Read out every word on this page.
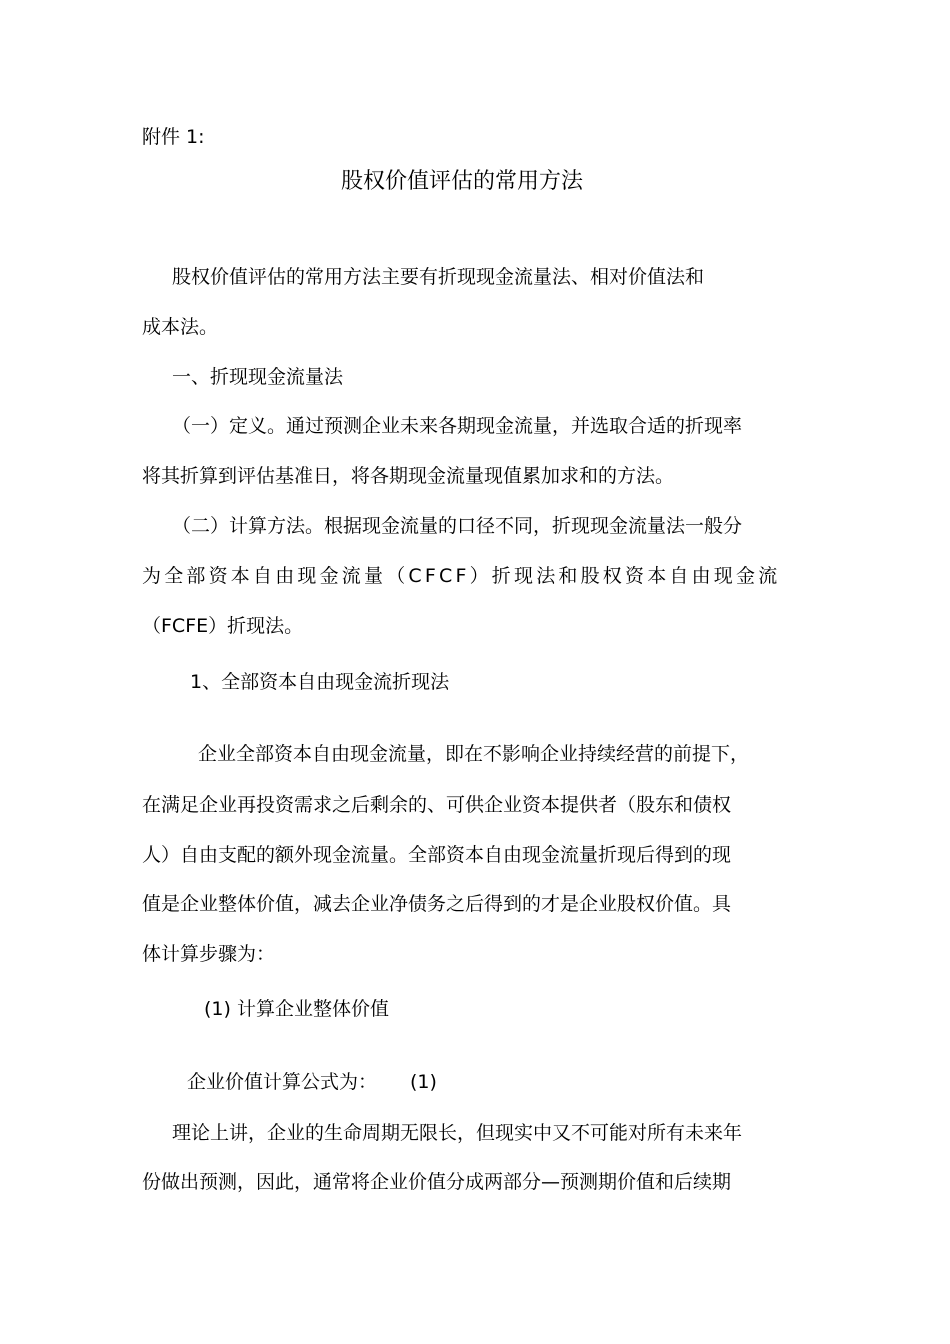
附件 1:
股权价值评估的常用方法
股权价值评估的常用方法主要有折现现金流量法、相对价值法和
成本法。
一、折现现金流量法
（一）定义。通过预测企业未来各期现金流量，并选取合适的折现率
将其折算到评估基准日，将各期现金流量现值累加求和的方法。
（二）计算方法。根据现金流量的口径不同，折现现金流量法一般分
为全部资本自由现金流量（CFCF）折现法和股权资本自由现金流
（FCFE）折现法。
1、全部资本自由现金流折现法
企业全部资本自由现金流量，即在不影响企业持续经营的前提下，
在满足企业再投资需求之后剩余的、可供企业资本提供者（股东和债权
人）自由支配的额外现金流量。全部资本自由现金流量折现后得到的现
值是企业整体价值，减去企业净债务之后得到的才是企业股权价值。具
体计算步骤为：
(1) 计算企业整体价值
企业价值计算公式为： (1)
理论上讲，企业的生命周期无限长，但现实中又不可能对所有未来年
份做出预测，因此，通常将企业价值分成两部分—预测期价值和后续期
